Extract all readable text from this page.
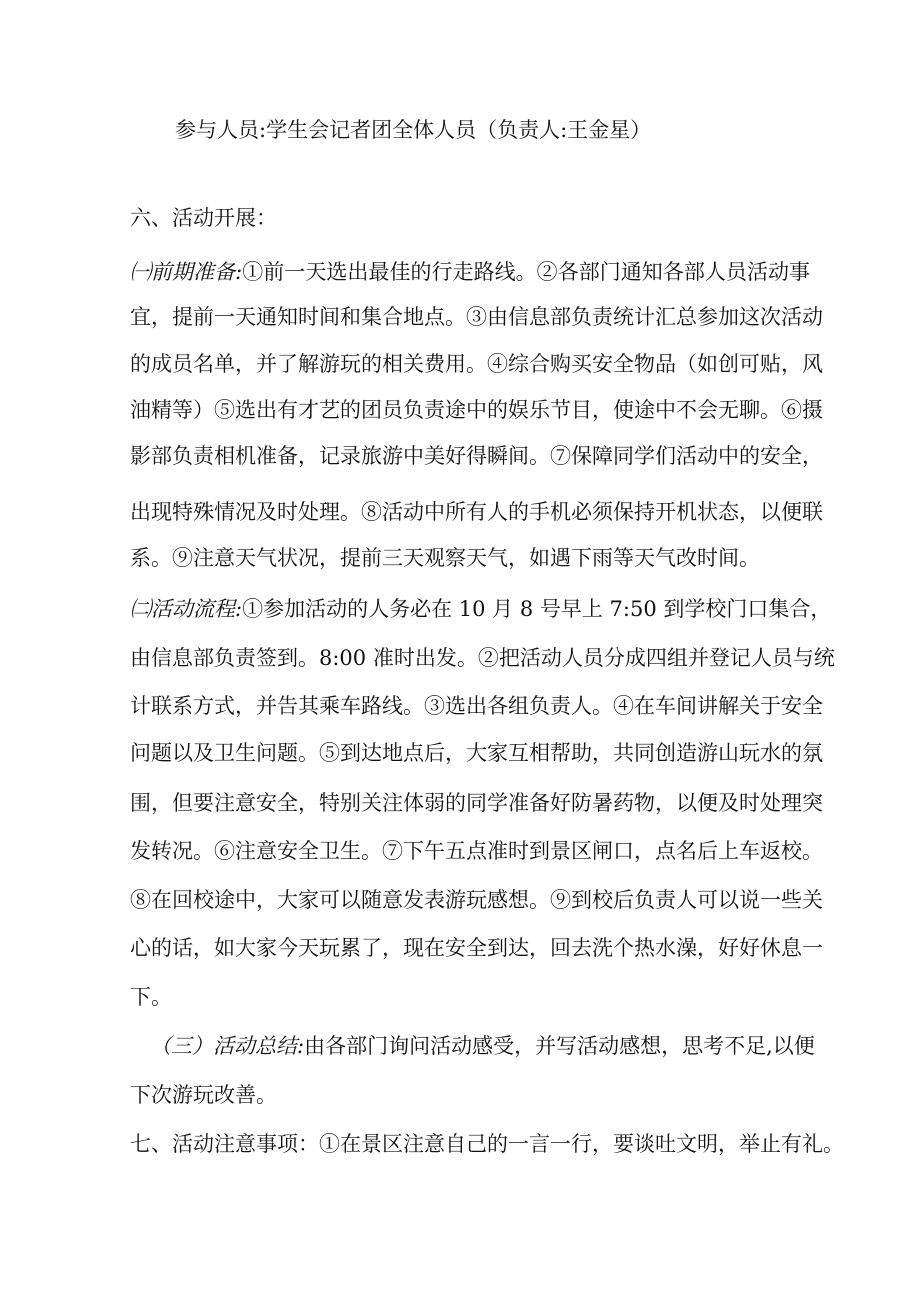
参与人员:学生会记者团全体人员（负责人:王金星）
六、活动开展：
㈠前期准备:①前一天选出最佳的行走路线。②各部门通知各部人员活动事
宜，提前一天通知时间和集合地点。③由信息部负责统计汇总参加这次活动
的成员名单，并了解游玩的相关费用。④综合购买安全物品（如创可贴，风
油精等）⑤选出有才艺的团员负责途中的娱乐节目，使途中不会无聊。⑥摄
影部负责相机准备，记录旅游中美好得瞬间。⑦保障同学们活动中的安全，
出现特殊情况及时处理。⑧活动中所有人的手机必须保持开机状态，以便联
系。⑨注意天气状况，提前三天观察天气，如遇下雨等天气改时间。
㈡活动流程:①参加活动的人务必在 10 月 8 号早上 7:50 到学校门口集合，
由信息部负责签到。8:00 准时出发。②把活动人员分成四组并登记人员与统
计联系方式，并告其乘车路线。③选出各组负责人。④在车间讲解关于安全
问题以及卫生问题。⑤到达地点后，大家互相帮助，共同创造游山玩水的氛
围，但要注意安全，特别关注体弱的同学准备好防暑药物，以便及时处理突
发转况。⑥注意安全卫生。⑦下午五点准时到景区闸口，点名后上车返校。
⑧在回校途中，大家可以随意发表游玩感想。⑨到校后负责人可以说一些关
心的话，如大家今天玩累了，现在安全到达，回去洗个热水澡，好好休息一
下。
（三）活动总结:由各部门询问活动感受，并写活动感想，思考不足,以便
下次游玩改善。
七、活动注意事项：①在景区注意自己的一言一行，要谈吐文明，举止有礼。
